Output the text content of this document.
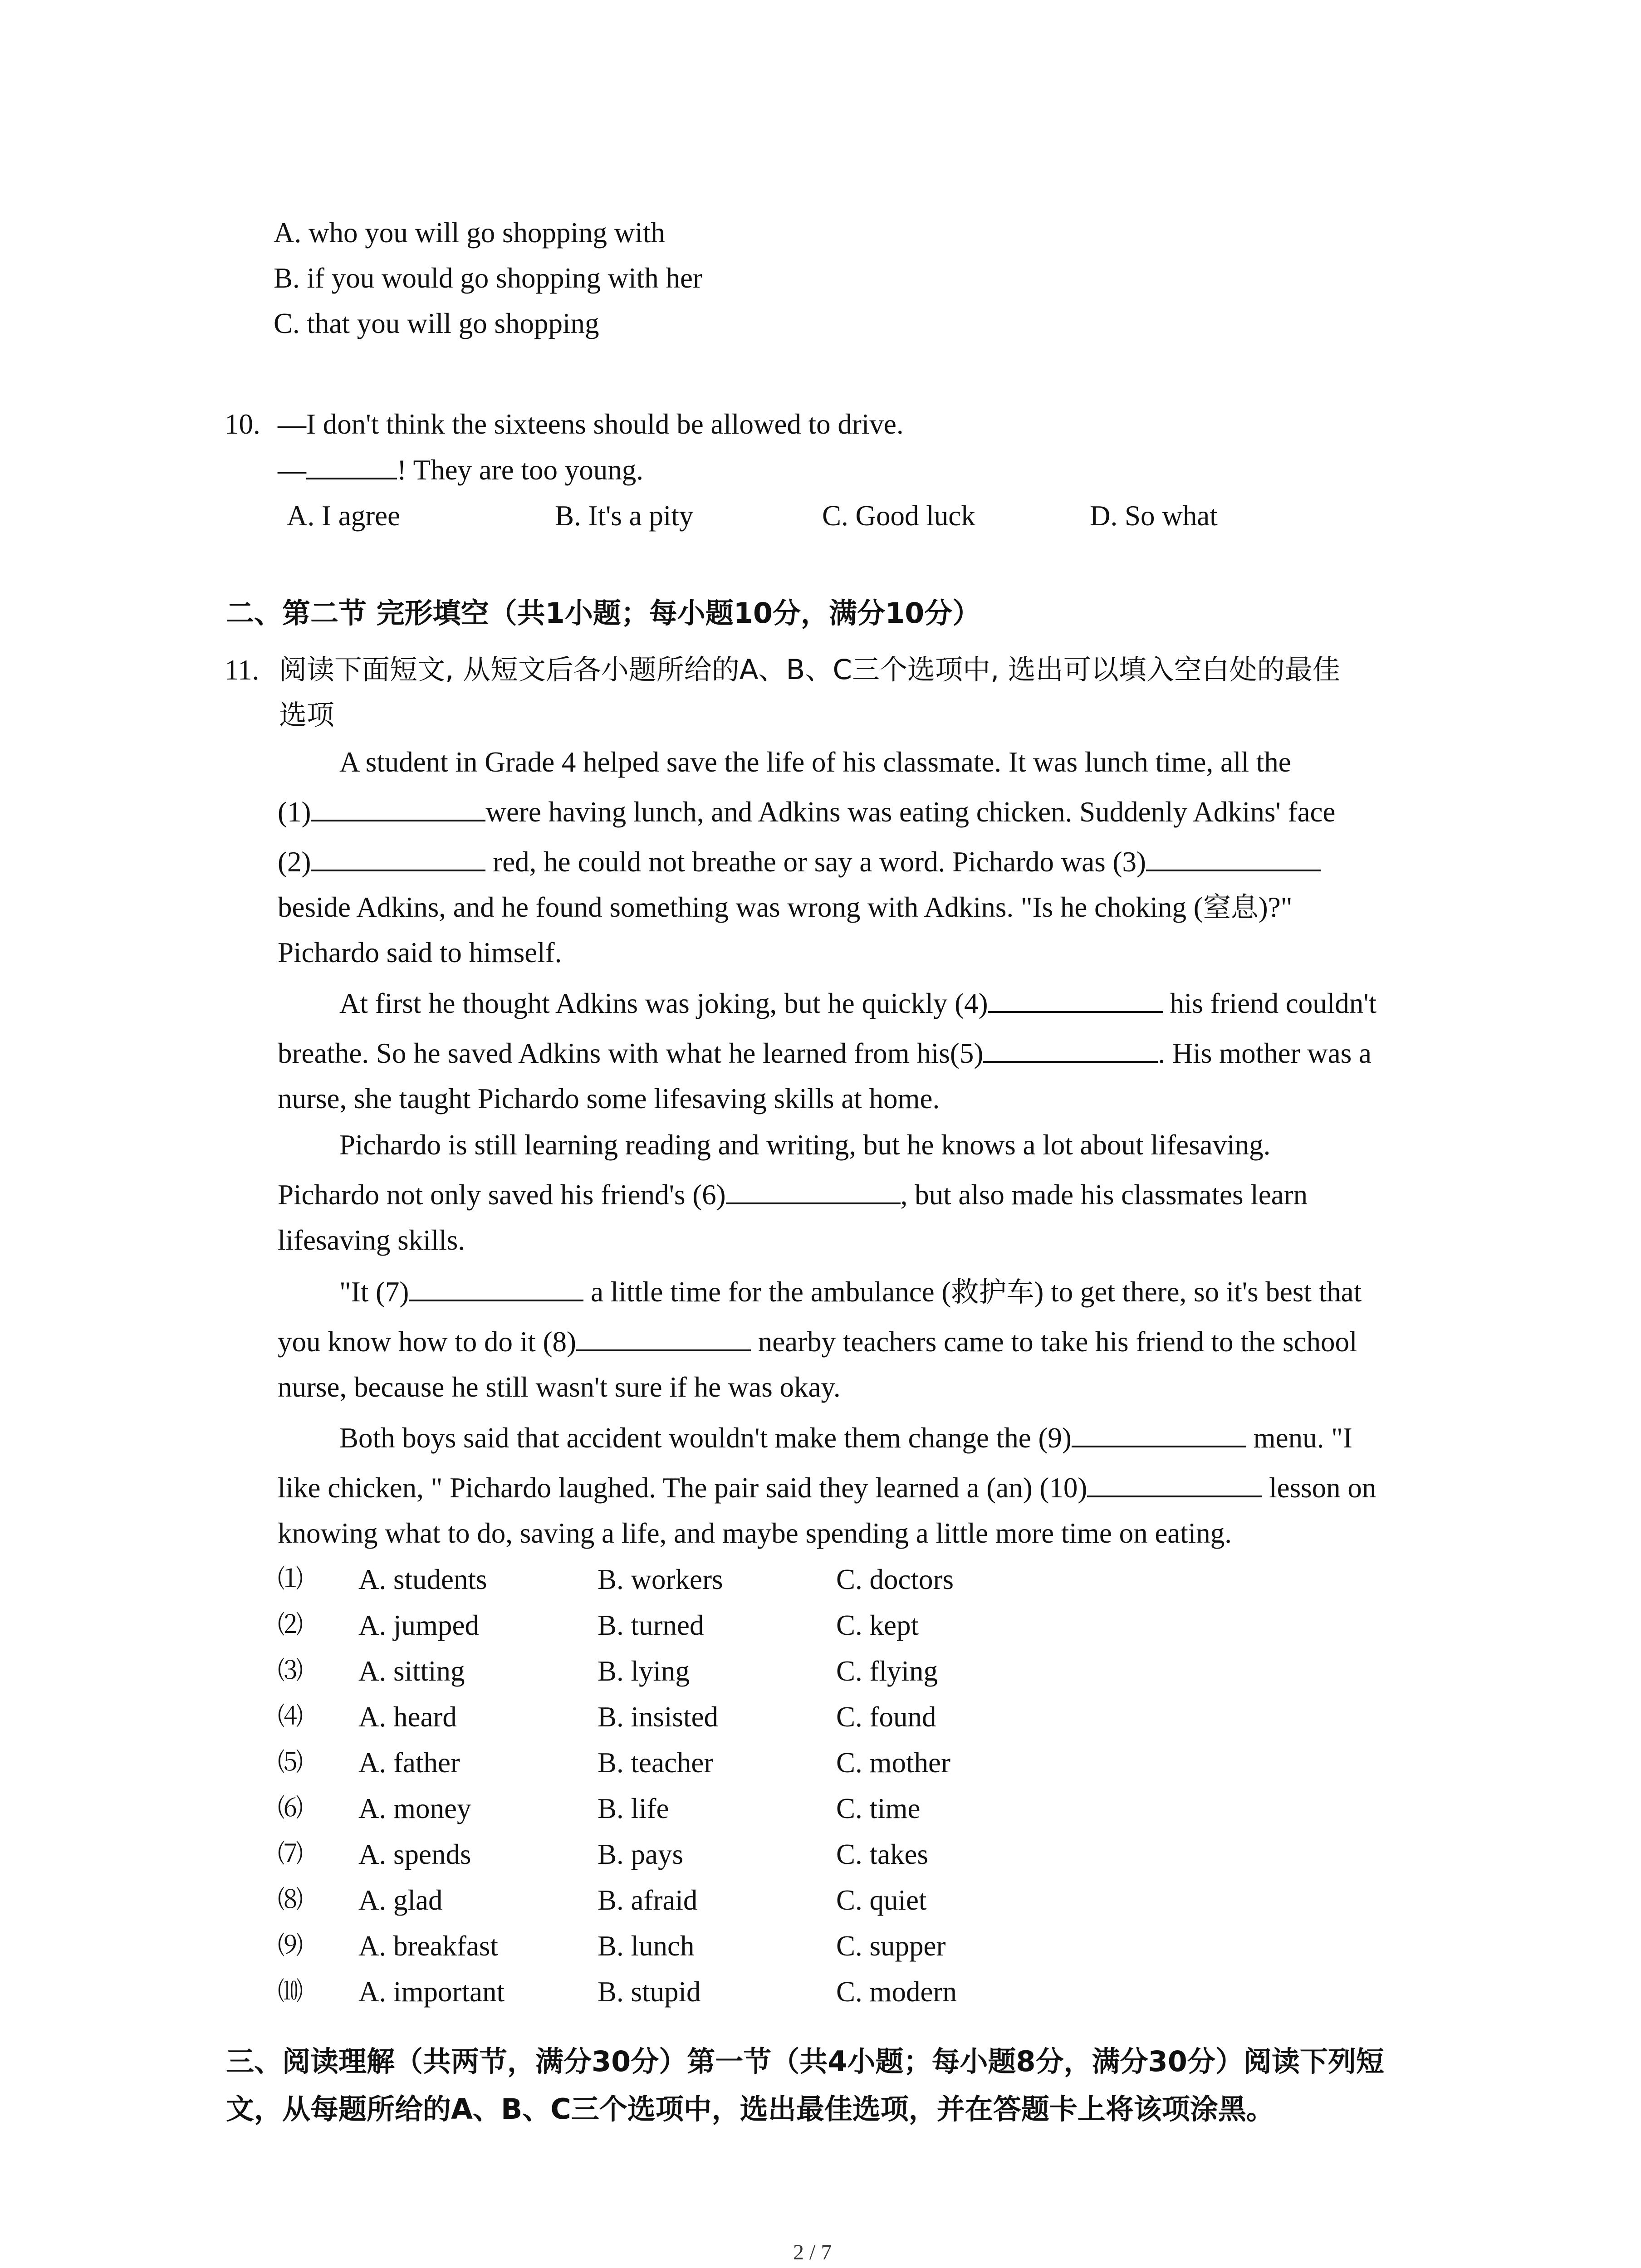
A. who you will go shopping with
B. if you would go shopping with her
C. that you will go shopping
10. —I don't think the sixteens should be allowed to drive.
—	! They are too young.
A. I agree	B. It's a pity	C. Good luck	D. So what
二、第二节 完形填空（共1小题；每小题10分，满分10分）
11. 阅读下面短文, 从短文后各小题所给的A、B、C三个选项中, 选出可以填入空白处的最佳
选项
A student in Grade 4 helped save the life of his classmate. It was lunch time, all the
(1)	were having lunch, and Adkins was eating chicken. Suddenly Adkins' face
(2)	red, he could not breathe or say a word. Pichardo was (3)
beside Adkins, and he found something was wrong with Adkins. "Is he choking (窒息)?"
Pichardo said to himself.
At first he thought Adkins was joking, but he quickly (4)	his friend couldn't
breathe. So he saved Adkins with what he learned from his(5)	. His mother was a
nurse, she taught Pichardo some lifesaving skills at home.
Pichardo is still learning reading and writing, but he knows a lot about lifesaving.
Pichardo not only saved his friend's (6)	, but also made his classmates learn
lifesaving skills.
"It (7)	a little time for the ambulance (救护车) to get there, so it's best that
you know how to do it (8)	nearby teachers came to take his friend to the school
nurse, because he still wasn't sure if he was okay.
Both boys said that accident wouldn't make them change the (9)	menu. "I
like chicken, " Pichardo laughed. The pair said they learned a (an) (10)	lesson on
knowing what to do, saving a life, and maybe spending a little more time on eating.
⑴ A. students	B. workers	C. doctors
⑵ A. jumped	B. turned	C. kept
⑶ A. sitting	B. lying	C. flying
⑷ A. heard	B. insisted	C. found
⑸ A. father	B. teacher	C. mother
⑹ A. money	B. life	C. time
⑺ A. spends	B. pays	C. takes
⑻ A. glad	B. afraid	C. quiet
⑼ A. breakfast	B. lunch	C. supper
⑽ A. important	B. stupid	C. modern
三、阅读理解（共两节，满分30分）第一节（共4小题；每小题8分，满分30分）阅读下列短
文，从每题所给的A、B、C三个选项中，选出最佳选项，并在答题卡上将该项涂黑。
2 / 7
